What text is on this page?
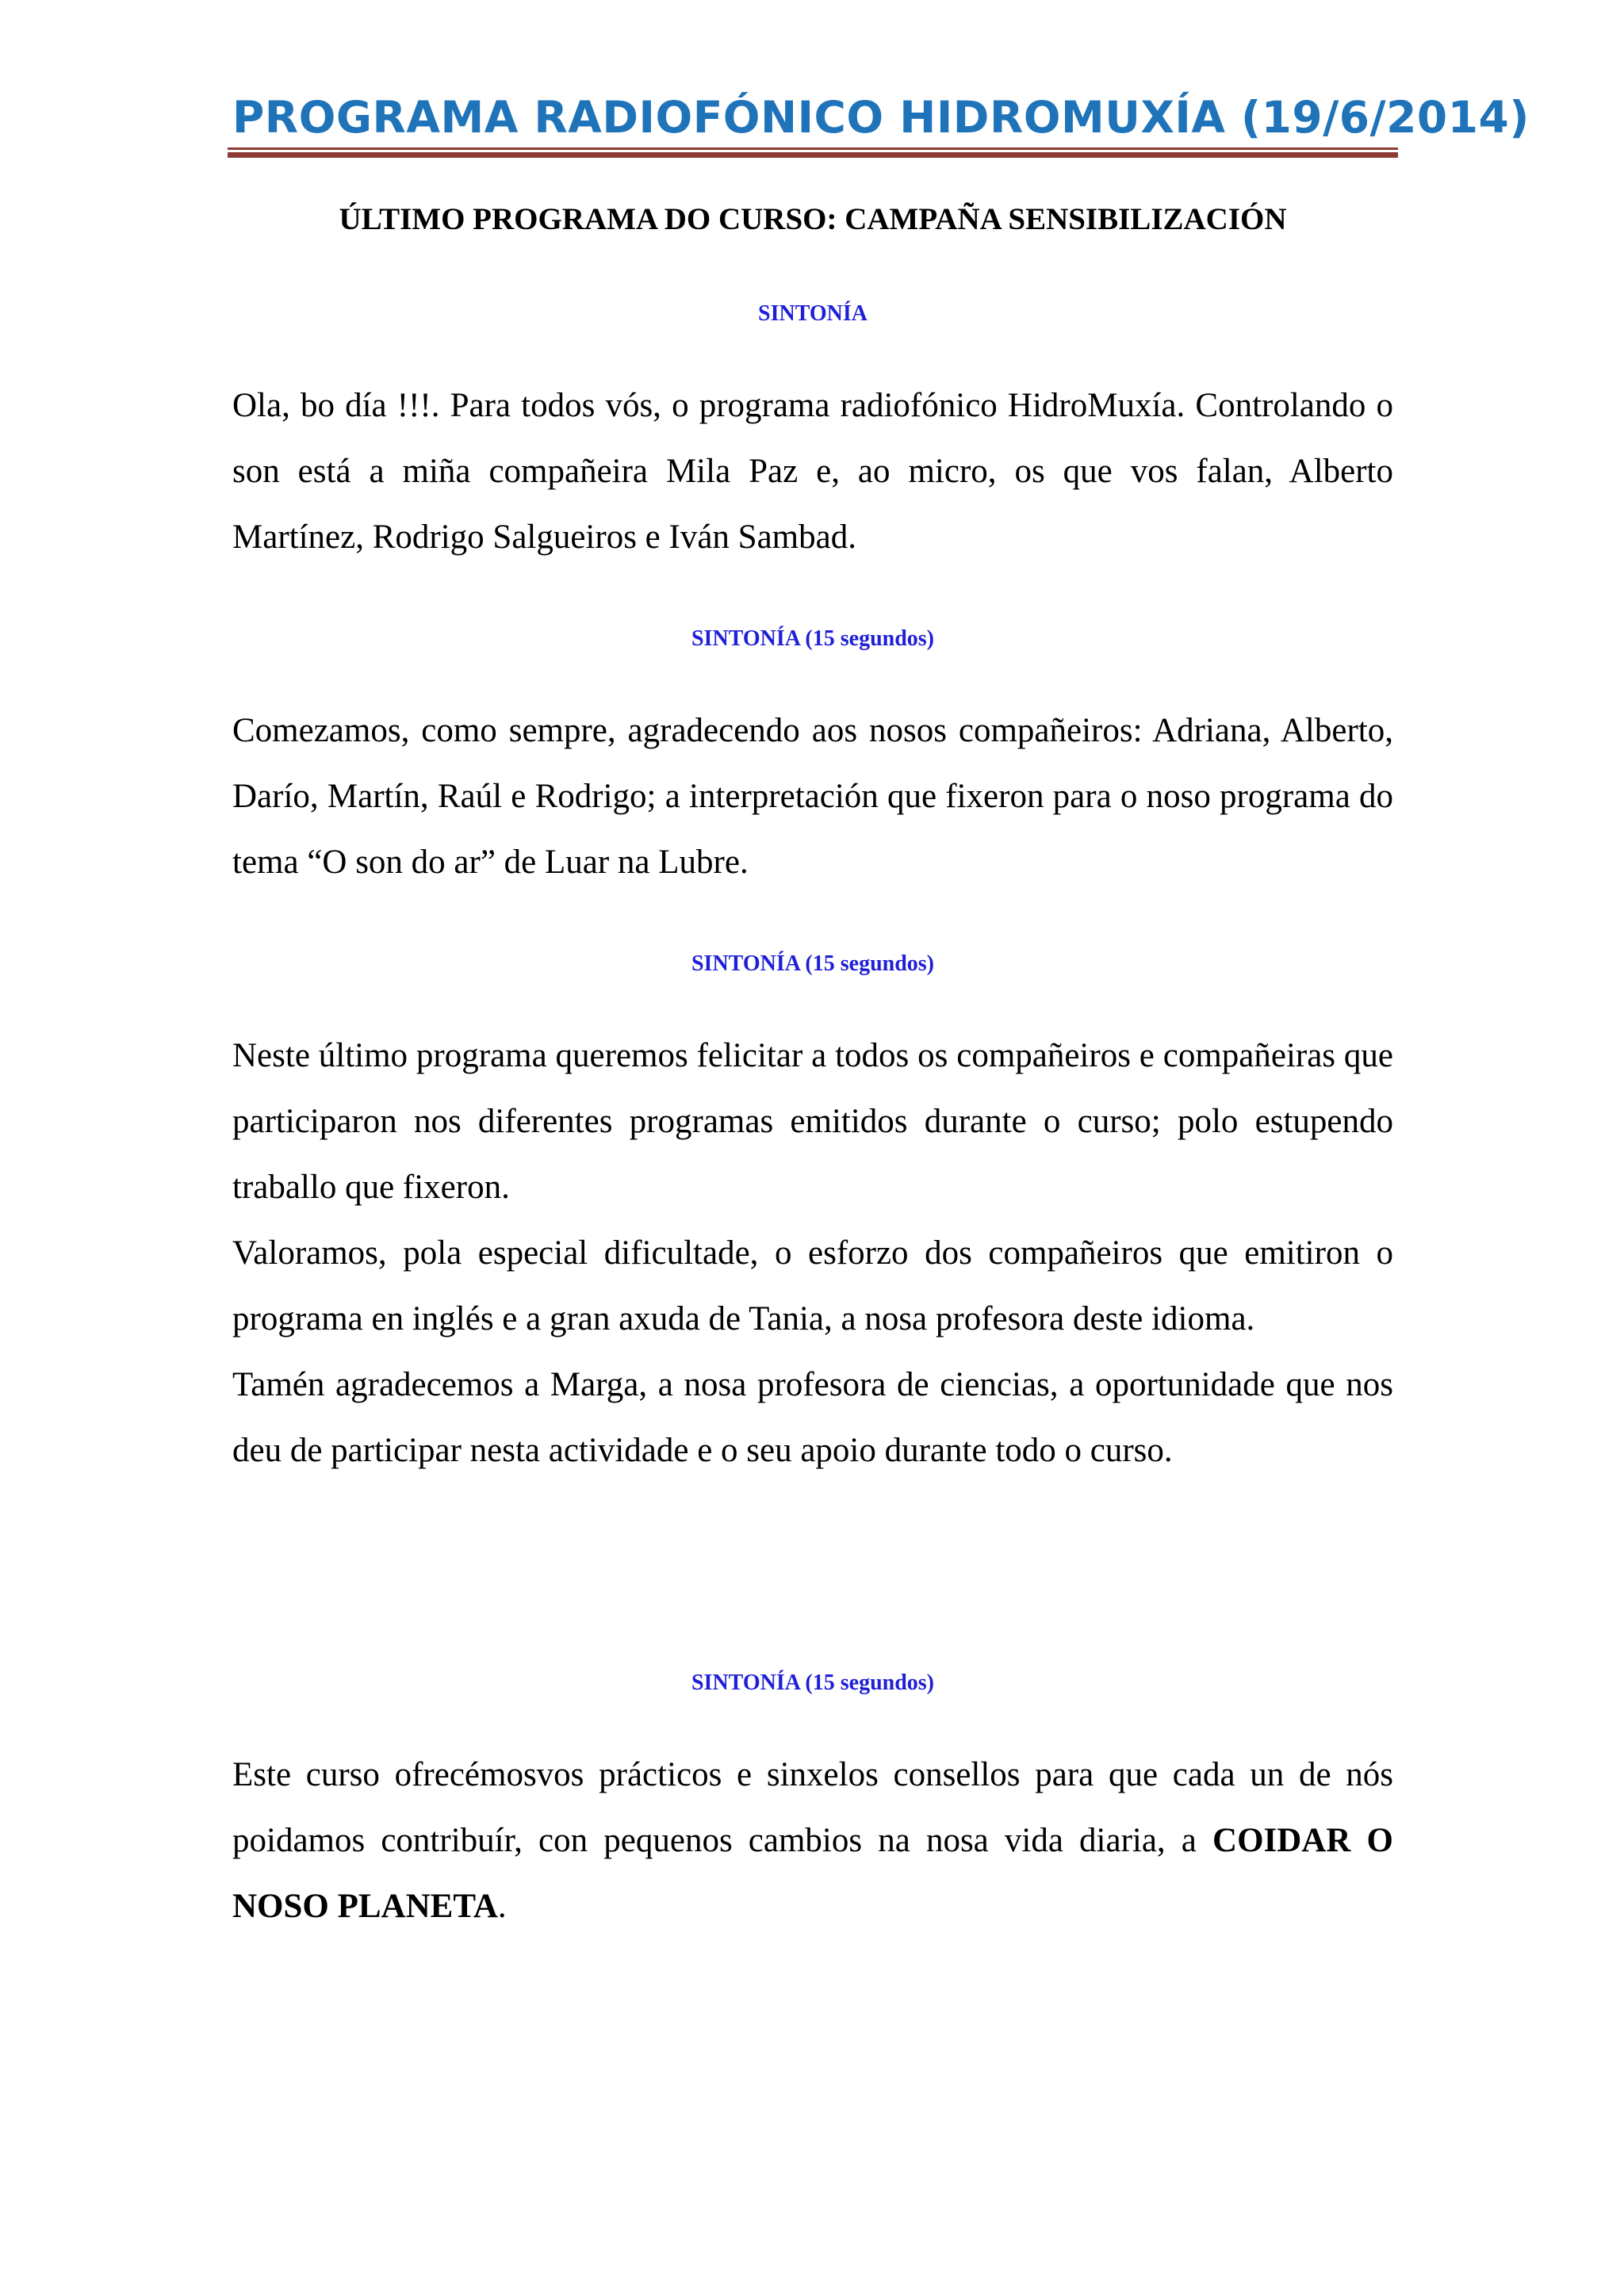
PROGRAMA RADIOFÓNICO HIDROMUXÍA (19/6/2014)
ÚLTIMO PROGRAMA DO CURSO: CAMPAÑA SENSIBILIZACIÓN
SINTONÍA

Ola, bo día !!!. Para todos vós, o programa radiofónico HidroMuxía. Controlando o son está a miña compañeira Mila Paz e, ao micro, os que vos falan, Alberto Martínez, Rodrigo Salgueiros e Iván Sambad.

SINTONÍA (15 segundos)

Comezamos, como sempre, agradecendo aos nosos compañeiros: Adriana, Alberto, Darío, Martín, Raúl e Rodrigo; a interpretación que fixeron para o noso programa do tema “O son do ar” de Luar na Lubre.

SINTONÍA (15 segundos)

Neste último programa queremos felicitar a todos os compañeiros e compañeiras que participaron nos diferentes programas emitidos durante o curso; polo estupendo traballo que fixeron.

Valoramos, pola especial dificultade, o esforzo dos compañeiros que emitiron o programa en inglés e a gran axuda de Tania, a nosa profesora deste idioma.

Tamén agradecemos a Marga, a nosa profesora de ciencias, a oportunidade que nos deu de participar nesta actividade e o seu apoio durante todo o curso.

SINTONÍA (15 segundos)

Este curso ofrecémosvos prácticos e sinxelos consellos para que cada un de nós poidamos contribuír, con pequenos cambios na nosa vida diaria, a COIDAR O NOSO PLANETA.
